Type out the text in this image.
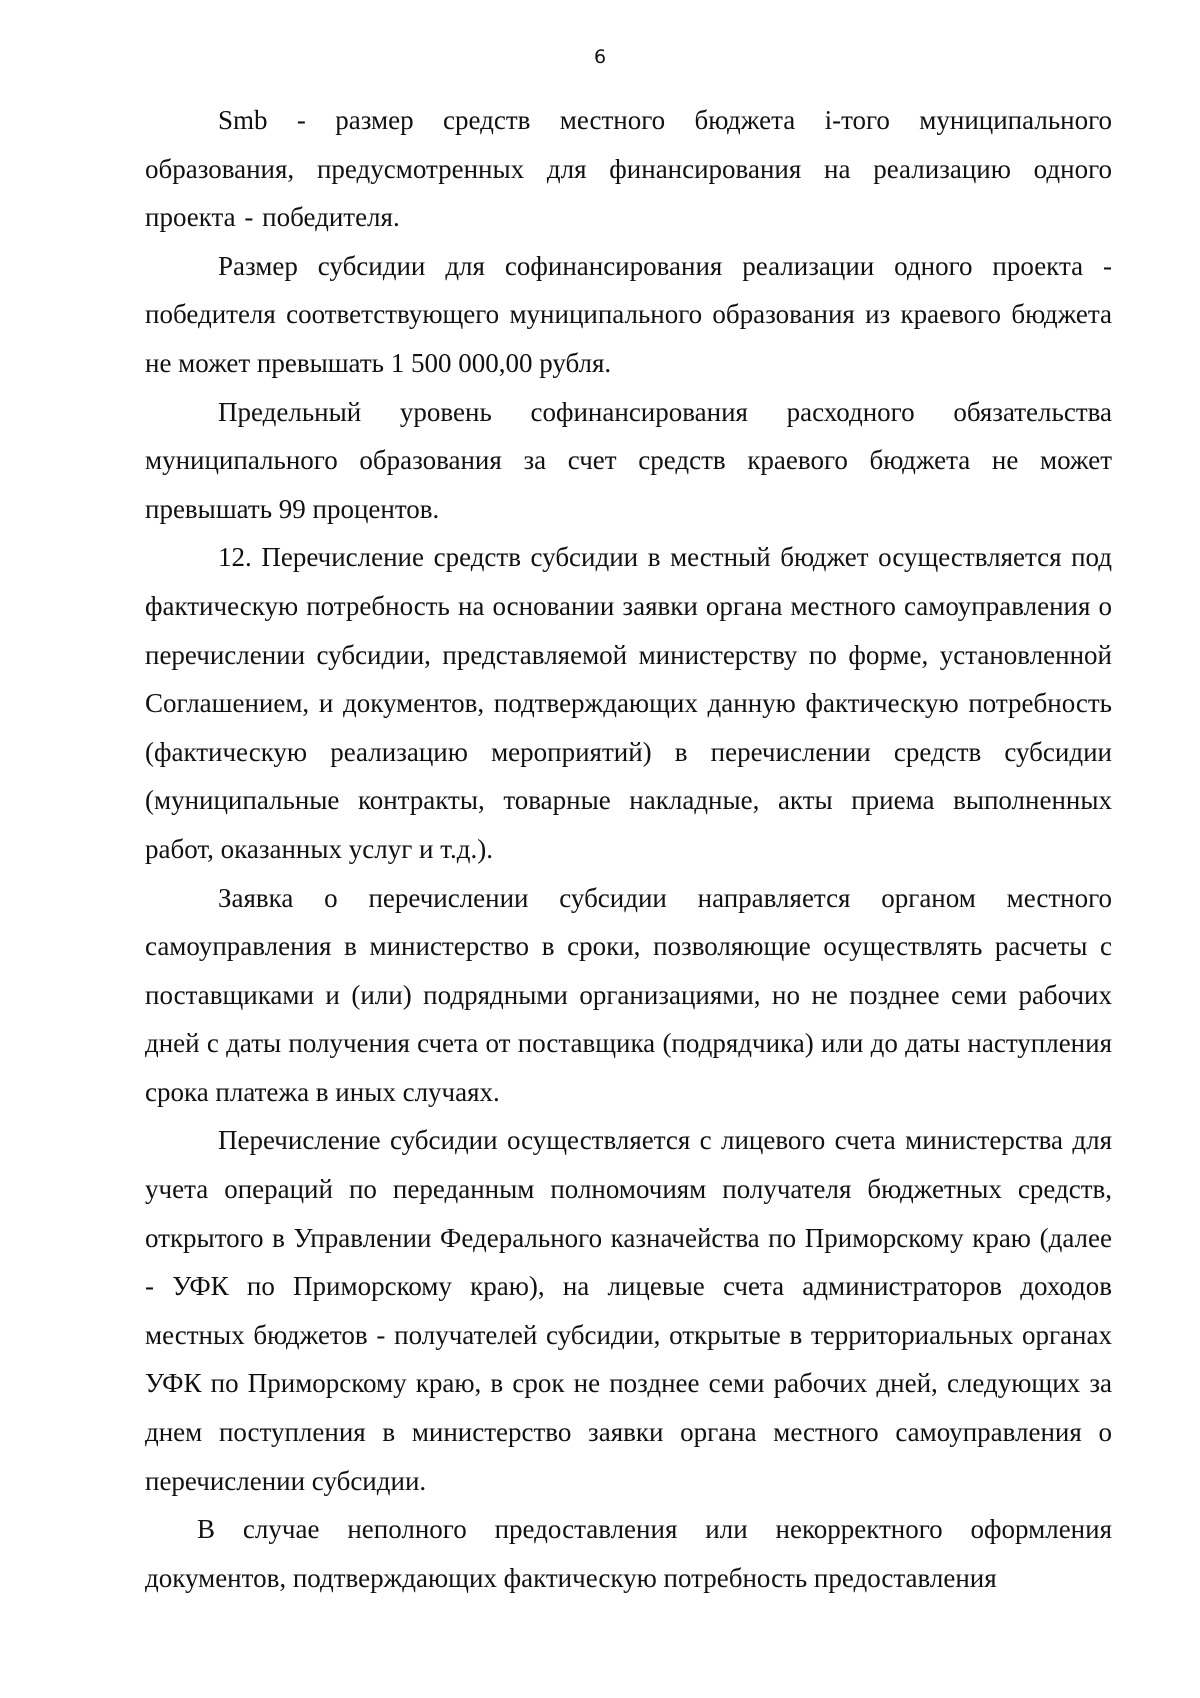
6

Smb - размер средств местного бюджета i-того муниципального образования, предусмотренных для финансирования на реализацию одного проекта - победителя.

Размер субсидии для софинансирования реализации одного проекта - победителя соответствующего муниципального образования из краевого бюджета не может превышать 1 500 000,00 рубля.

Предельный уровень софинансирования расходного обязательства муниципального образования за счет средств краевого бюджета не может превышать 99 процентов.

12. Перечисление средств субсидии в местный бюджет осуществляется под фактическую потребность на основании заявки органа местного самоуправления о перечислении субсидии, представляемой министерству по форме, установленной Соглашением, и документов, подтверждающих данную фактическую потребность (фактическую реализацию мероприятий) в перечислении средств субсидии (муниципальные контракты, товарные накладные, акты приема выполненных работ, оказанных услуг и т.д.).

Заявка о перечислении субсидии направляется органом местного самоуправления в министерство в сроки, позволяющие осуществлять расчеты с поставщиками и (или) подрядными организациями, но не позднее семи рабочих дней с даты получения счета от поставщика (подрядчика) или до даты наступления срока платежа в иных случаях.

Перечисление субсидии осуществляется с лицевого счета министерства для учета операций по переданным полномочиям получателя бюджетных средств, открытого в Управлении Федерального казначейства по Приморскому краю (далее - УФК по Приморскому краю), на лицевые счета администраторов доходов местных бюджетов - получателей субсидии, открытые в территориальных органах УФК по Приморскому краю, в срок не позднее семи рабочих дней, следующих за днем поступления в министерство заявки органа местного самоуправления о перечислении субсидии.

В случае неполного предоставления или некорректного оформления документов, подтверждающих фактическую потребность предоставления
